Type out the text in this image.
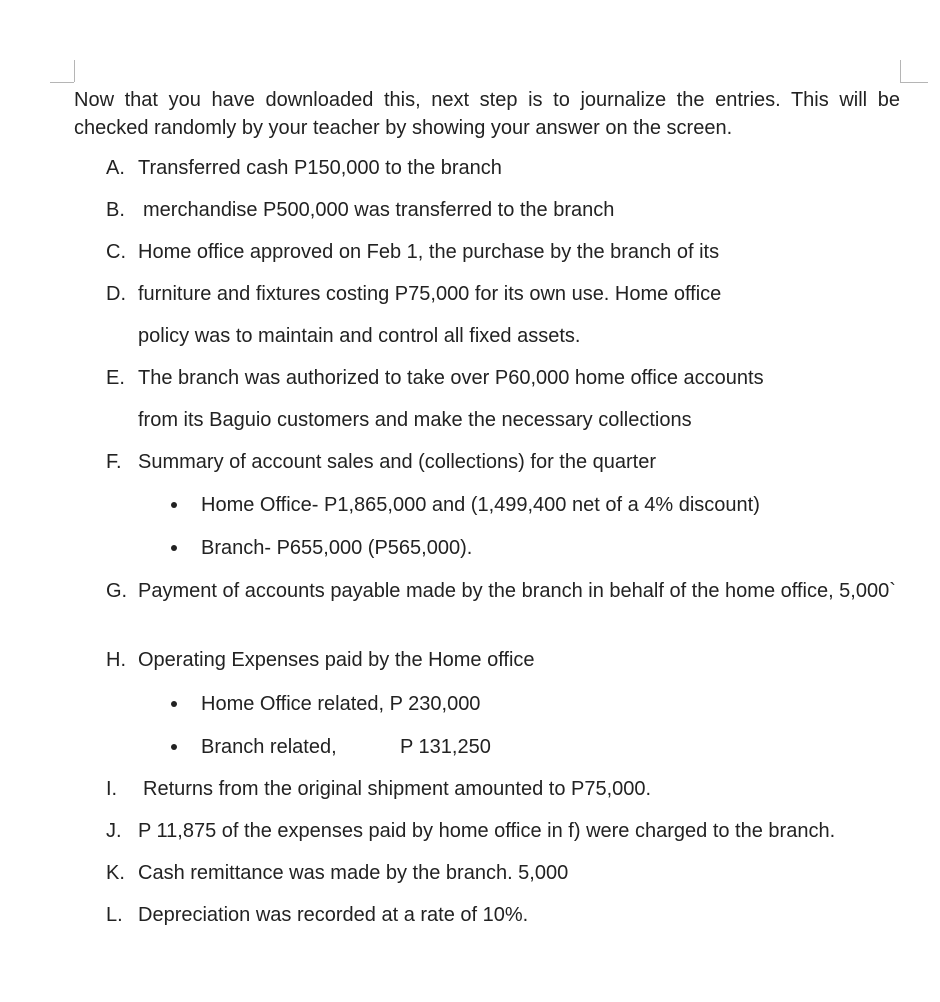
Now that you have downloaded this, next step is to journalize the entries. This will be checked randomly by your teacher by showing your answer on the screen.
A. Transferred cash P150,000 to the branch
B. merchandise P500,000 was transferred to the branch
C. Home office approved on Feb 1, the purchase by the branch of its
D. furniture and fixtures costing P75,000 for its own use. Home office
policy was to maintain and control all fixed assets.
E. The branch was authorized to take over P60,000 home office accounts
from its Baguio customers and make the necessary collections
F. Summary of account sales and (collections) for the quarter
Home Office- P1,865,000 and (1,499,400 net of a 4% discount)
Branch- P655,000 (P565,000).
G. Payment of accounts payable made by the branch in behalf of the home office, 5,000`
H. Operating Expenses paid by the Home office
Home Office related, P 230,000
Branch related,	P 131,250
I.	Returns from the original shipment amounted to P75,000.
J. P 11,875 of the expenses paid by home office in f) were charged to the branch.
K. Cash remittance was made by the branch. 5,000
L. Depreciation was recorded at a rate of 10%.
